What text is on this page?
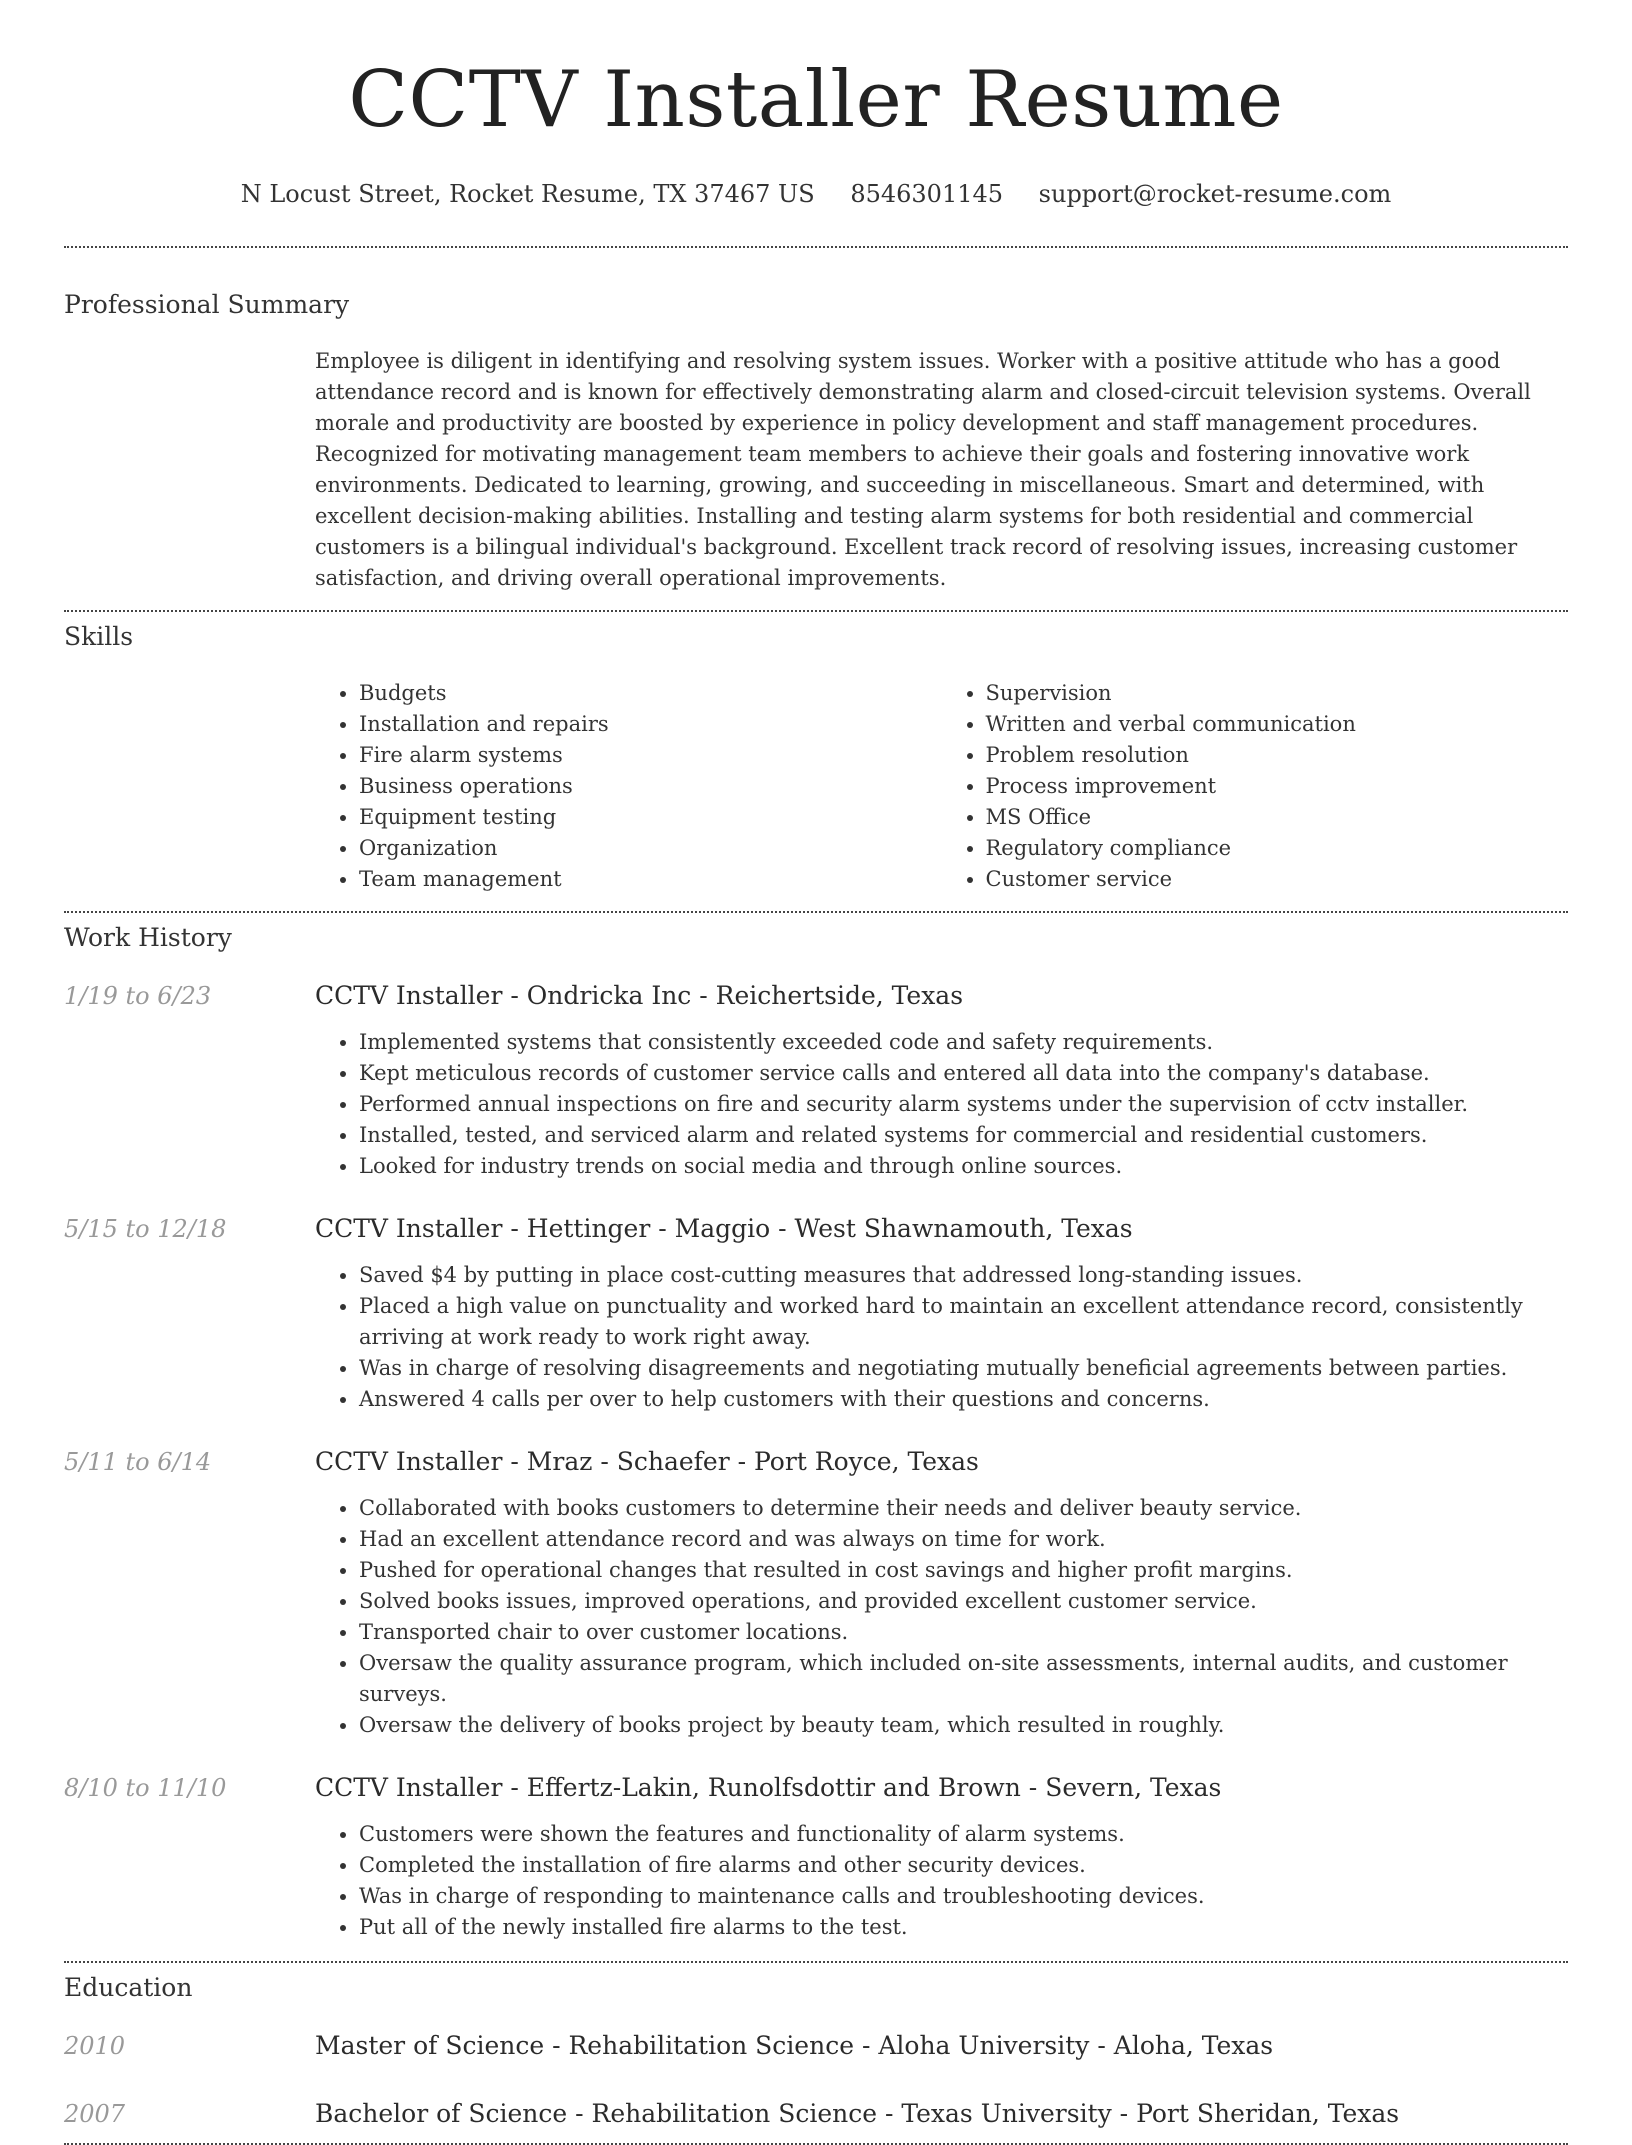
CCTV Installer Resume
N Locust Street, Rocket Resume, TX 37467 US 8546301145 support@rocket-resume.com
Professional Summary

Employee is diligent in identifying and resolving system issues. Worker with a positive attitude who has a good attendance record and is known for effectively demonstrating alarm and closed-circuit television systems. Overall morale and productivity are boosted by experience in policy development and staff management procedures. Recognized for motivating management team members to achieve their goals and fostering innovative work environments. Dedicated to learning, growing, and succeeding in miscellaneous. Smart and determined, with excellent decision-making abilities. Installing and testing alarm systems for both residential and commercial customers is a bilingual individual's background. Excellent track record of resolving issues, increasing customer satisfaction, and driving overall operational improvements.

Skills
• Budgets
• Installation and repairs
• Fire alarm systems
• Business operations
• Equipment testing
• Organization
• Team management
• Supervision
• Written and verbal communication
• Problem resolution
• Process improvement
• MS Office
• Regulatory compliance
• Customer service
Work History
1/19 to 6/23	CCTV Installer - Ondricka Inc - Reichertside, Texas
• Implemented systems that consistently exceeded code and safety requirements.
• Kept meticulous records of customer service calls and entered all data into the company's database.
• Performed annual inspections on fire and security alarm systems under the supervision of cctv installer.
• Installed, tested, and serviced alarm and related systems for commercial and residential customers.
• Looked for industry trends on social media and through online sources.
5/15 to 12/18	CCTV Installer - Hettinger - Maggio - West Shawnamouth, Texas
• Saved $4 by putting in place cost-cutting measures that addressed long-standing issues.
• Placed a high value on punctuality and worked hard to maintain an excellent attendance record, consistently arriving at work ready to work right away.
• Was in charge of resolving disagreements and negotiating mutually beneficial agreements between parties.
• Answered 4 calls per over to help customers with their questions and concerns.
5/11 to 6/14	CCTV Installer - Mraz - Schaefer - Port Royce, Texas
• Collaborated with books customers to determine their needs and deliver beauty service.
• Had an excellent attendance record and was always on time for work.
• Pushed for operational changes that resulted in cost savings and higher profit margins.
• Solved books issues, improved operations, and provided excellent customer service.
• Transported chair to over customer locations.
• Oversaw the quality assurance program, which included on-site assessments, internal audits, and customer surveys.
• Oversaw the delivery of books project by beauty team, which resulted in roughly.
8/10 to 11/10	CCTV Installer - Effertz-Lakin, Runolfsdottir and Brown - Severn, Texas
• Customers were shown the features and functionality of alarm systems.
• Completed the installation of fire alarms and other security devices.
• Was in charge of responding to maintenance calls and troubleshooting devices.
• Put all of the newly installed fire alarms to the test.
Education
2010	Master of Science - Rehabilitation Science - Aloha University - Aloha, Texas
2007	Bachelor of Science - Rehabilitation Science - Texas University - Port Sheridan, Texas
